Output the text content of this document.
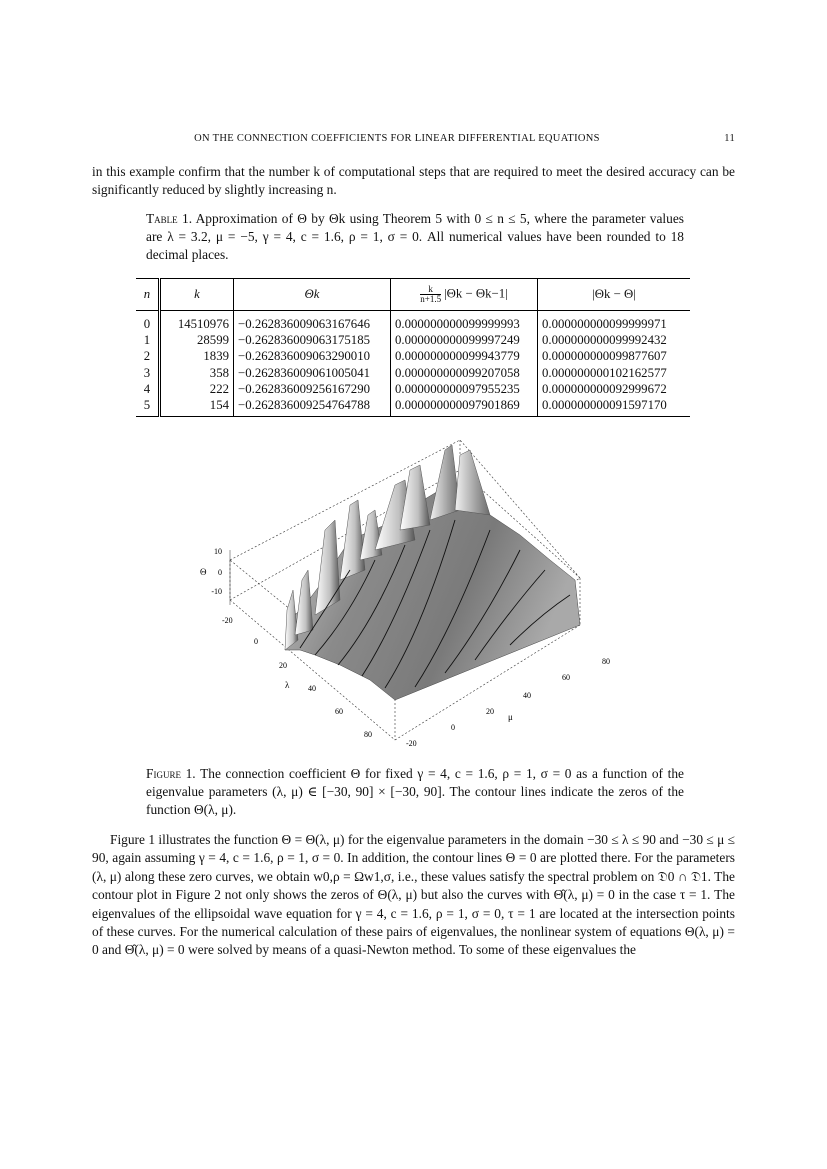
ON THE CONNECTION COEFFICIENTS FOR LINEAR DIFFERENTIAL EQUATIONS	11

in this example confirm that the number k of computational steps that are required to meet the desired accuracy can be significantly reduced by slightly increasing n.

Table 1. Approximation of Θ by Θk using Theorem 5 with 0 ≤ n ≤ 5, where the parameter values are λ = 3.2, μ = −5, γ = 4, c = 1.6, ρ = 1, σ = 0. All numerical values have been rounded to 18 decimal places.
n	k	Θk	$\frac{k}{n+1.5} |\Theta k - \Theta k-1|$	|Θk − Θ|
0	14510976	−0.262836009063167646	0.000000000099999993	0.000000000099999971
1	28599	−0.262836009063175185	0.000000000099997249	0.000000000099992432
2	1839	−0.262836009063290010	0.000000000099943779	0.000000000099877607
3	358	−0.262836009061005041	0.000000000099207058	0.000000000102162577
4	222	−0.262836009256167290	0.000000000097955235	0.000000000092999672
5	154	−0.262836009254764788	0.000000000097901869	0.000000000091597170
10
0
-10
Θ
-20
0
20
40
60
80
λ
-20
0
20
40
60
80
μ
Figure 1. The connection coefficient Θ for fixed γ = 4, c = 1.6, ρ = 1, σ = 0 as a function of the eigenvalue parameters (λ, μ) ∈ [−30, 90] × [−30, 90]. The contour lines indicate the zeros of the function Θ(λ, μ).

Figure 1 illustrates the function Θ = Θ(λ, μ) for the eigenvalue parameters in the domain −30 ≤ λ ≤ 90 and −30 ≤ μ ≤ 90, again assuming γ = 4, c = 1.6, ρ = 1, σ = 0. In addition, the contour lines Θ = 0 are plotted there. For the parameters (λ, μ) along these zero curves, we obtain w0,ρ = Ωw1,σ, i.e., these values satisfy the spectral problem on 𝔇0 ∩ 𝔇1. The contour plot in Figure 2 not only shows the zeros of Θ(λ, μ) but also the curves with Θ̂(λ, μ) = 0 in the case τ = 1. The eigenvalues of the ellipsoidal wave equation for γ = 4, c = 1.6, ρ = 1, σ = 0, τ = 1 are located at the intersection points of these curves. For the numerical calculation of these pairs of eigenvalues, the nonlinear system of equations Θ(λ, μ) = 0 and Θ̂(λ, μ) = 0 were solved by means of a quasi-Newton method. To some of these eigenvalues the
